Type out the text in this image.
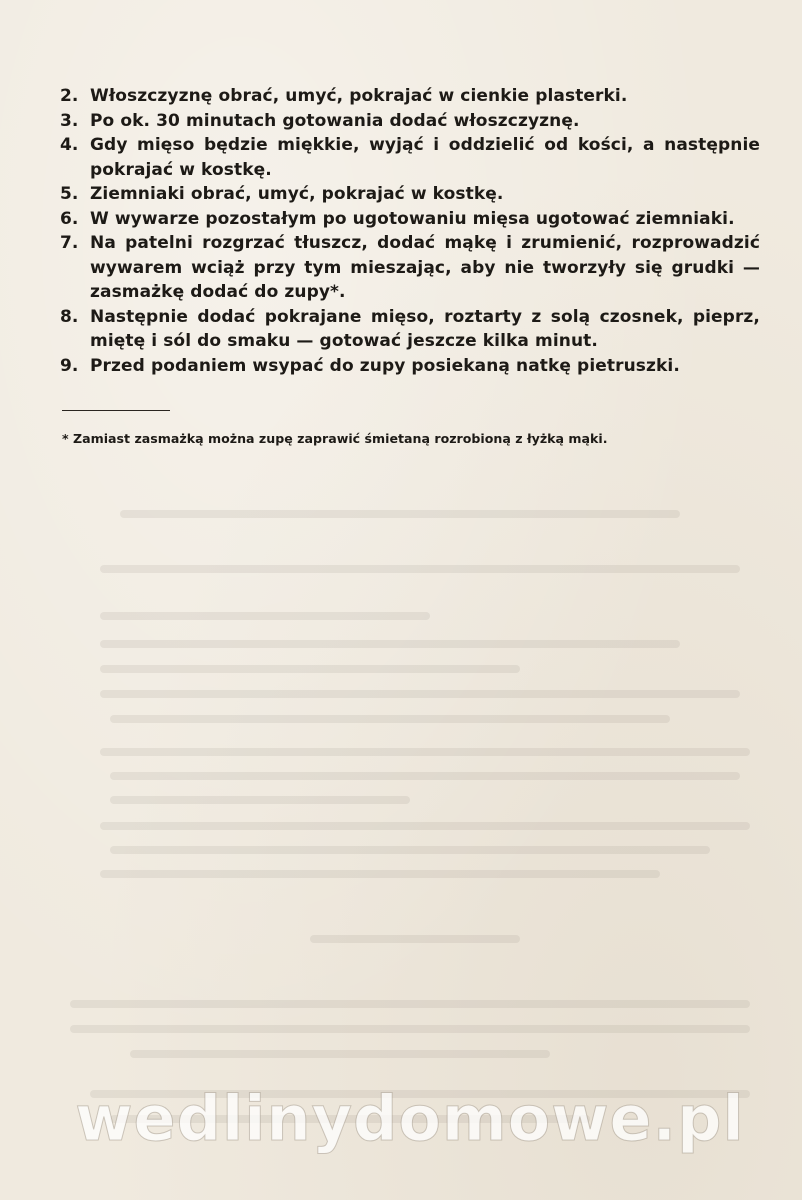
2. Włoszczyznę obrać, umyć, pokrajać w cienkie plasterki.
3. Po ok. 30 minutach gotowania dodać włoszczyznę.
4. Gdy mięso będzie miękkie, wyjąć i oddzielić od kości, a następnie pokrajać w kostkę.
5. Ziemniaki obrać, umyć, pokrajać w kostkę.
6. W wywarze pozostałym po ugotowaniu mięsa ugotować ziemniaki.
7. Na patelni rozgrzać tłuszcz, dodać mąkę i zrumienić, rozprowadzić wywarem wciąż przy tym mieszając, aby nie tworzyły się grudki — zasmażkę dodać do zupy*.
8. Następnie dodać pokrajane mięso, roztarty z solą czosnek, pieprz, miętę i sól do smaku — gotować jeszcze kilka minut.
9. Przed podaniem wsypać do zupy posiekaną natkę pietruszki.
* Zamiast zasmażką można zupę zaprawić śmietaną rozrobioną z łyżką mąki.
wedlinydomowe.pl
